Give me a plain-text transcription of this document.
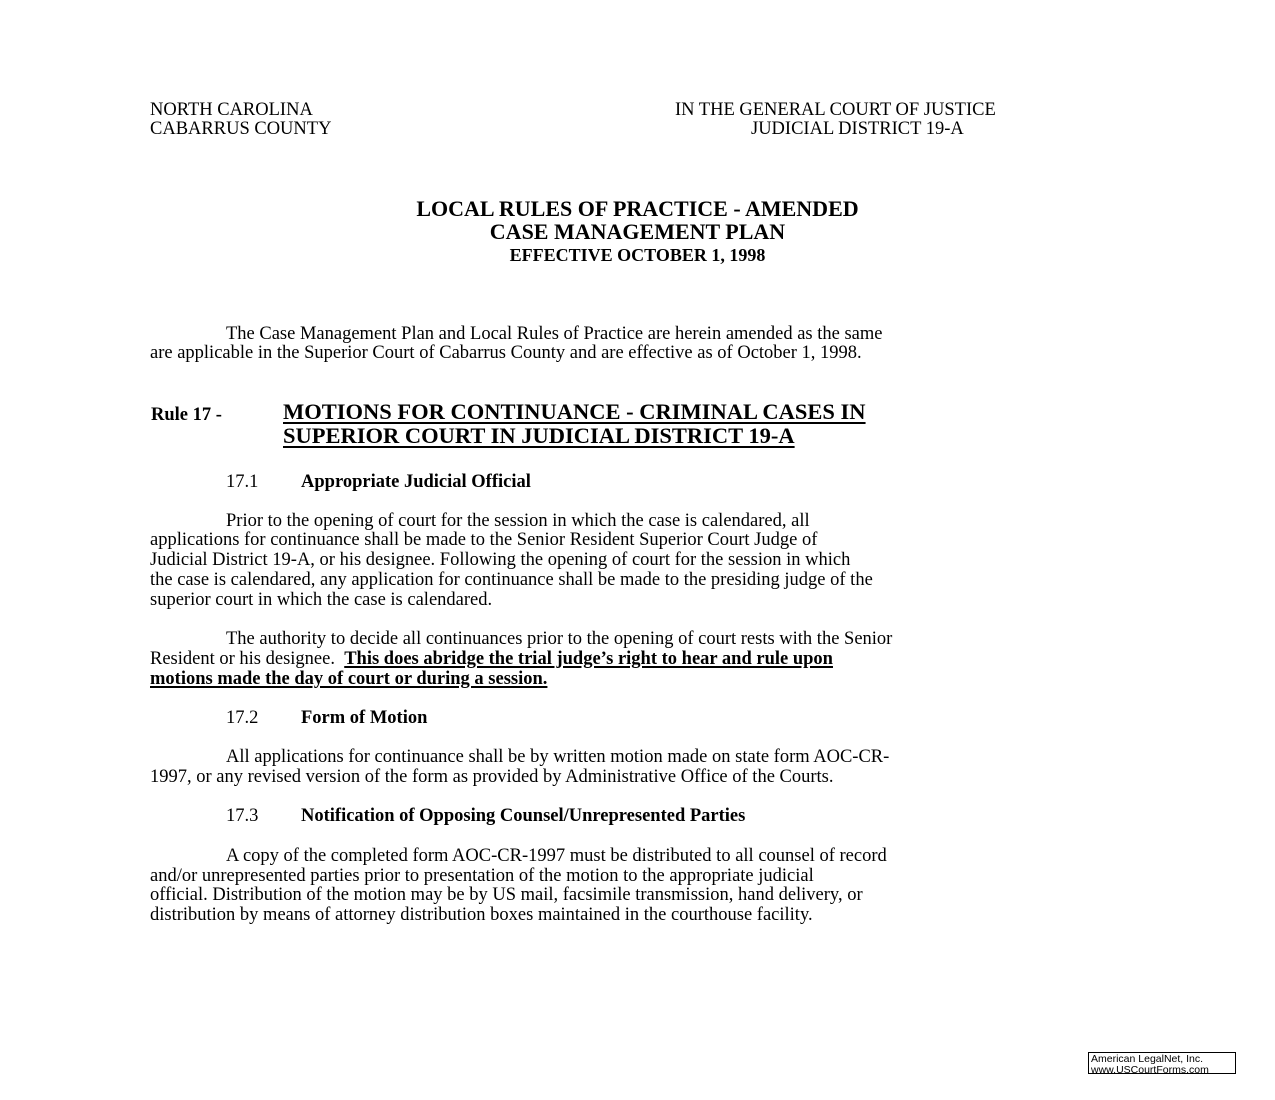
NORTH CAROLINA
CABARRUS COUNTY
IN THE GENERAL COURT OF JUSTICE
JUDICIAL DISTRICT 19-A
LOCAL RULES OF PRACTICE - AMENDED
CASE MANAGEMENT PLAN
EFFECTIVE OCTOBER 1, 1998
The Case Management Plan and Local Rules of Practice are herein amended as the same
are applicable in the Superior Court of Cabarrus County and are effective as of October 1, 1998.
Rule 17 -	MOTIONS FOR CONTINUANCE - CRIMINAL CASES IN
SUPERIOR COURT IN JUDICIAL DISTRICT 19-A
17.1 Appropriate Judicial Official
Prior to the opening of court for the session in which the case is calendared, all
applications for continuance shall be made to the Senior Resident Superior Court Judge of
Judicial District 19-A, or his designee. Following the opening of court for the session in which
the case is calendared, any application for continuance shall be made to the presiding judge of the
superior court in which the case is calendared.
The authority to decide all continuances prior to the opening of court rests with the Senior
Resident or his designee.  This does abridge the trial judge’s right to hear and rule upon
motions made the day of court or during a session.
17.2 Form of Motion
All applications for continuance shall be by written motion made on state form AOC-CR-
1997, or any revised version of the form as provided by Administrative Office of the Courts.
17.3 Notification of Opposing Counsel/Unrepresented Parties
A copy of the completed form AOC-CR-1997 must be distributed to all counsel of record
and/or unrepresented parties prior to presentation of the motion to the appropriate judicial
official. Distribution of the motion may be by US mail, facsimile transmission, hand delivery, or
distribution by means of attorney distribution boxes maintained in the courthouse facility.
American LegalNet, Inc.
www.USCourtForms.com
